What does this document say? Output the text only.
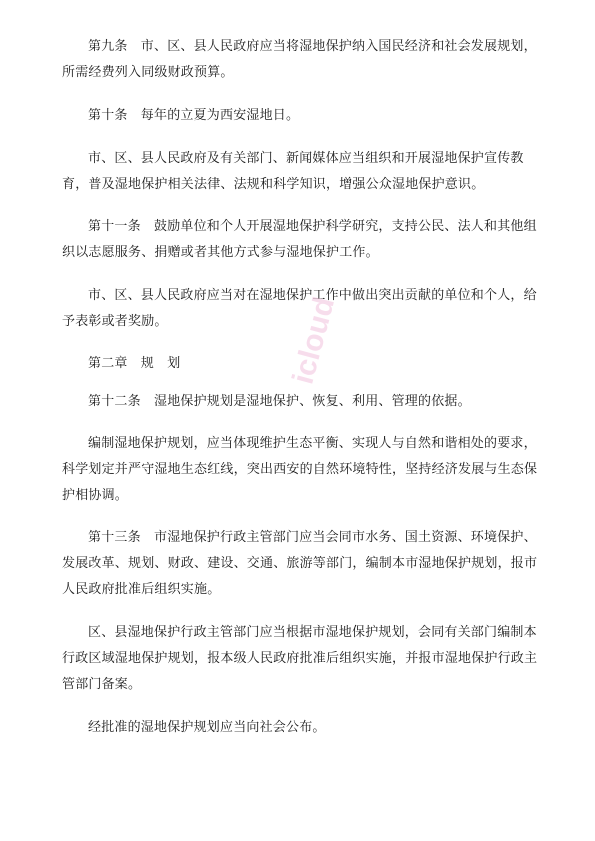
第九条　市、区、县人民政府应当将湿地保护纳入国民经济和社会发展规划，所需经费列入同级财政预算。

第十条　每年的立夏为西安湿地日。

市、区、县人民政府及有关部门、新闻媒体应当组织和开展湿地保护宣传教育，普及湿地保护相关法律、法规和科学知识，增强公众湿地保护意识。

第十一条　鼓励单位和个人开展湿地保护科学研究，支持公民、法人和其他组织以志愿服务、捐赠或者其他方式参与湿地保护工作。

市、区、县人民政府应当对在湿地保护工作中做出突出贡献的单位和个人，给予表彰或者奖励。

第二章　规　划

第十二条　湿地保护规划是湿地保护、恢复、利用、管理的依据。

编制湿地保护规划，应当体现维护生态平衡、实现人与自然和谐相处的要求，科学划定并严守湿地生态红线，突出西安的自然环境特性，坚持经济发展与生态保护相协调。

第十三条　市湿地保护行政主管部门应当会同市水务、国土资源、环境保护、发展改革、规划、财政、建设、交通、旅游等部门，编制本市湿地保护规划，报市人民政府批准后组织实施。

区、县湿地保护行政主管部门应当根据市湿地保护规划，会同有关部门编制本行政区域湿地保护规划，报本级人民政府批准后组织实施，并报市湿地保护行政主管部门备案。

经批准的湿地保护规划应当向社会公布。

icloud
